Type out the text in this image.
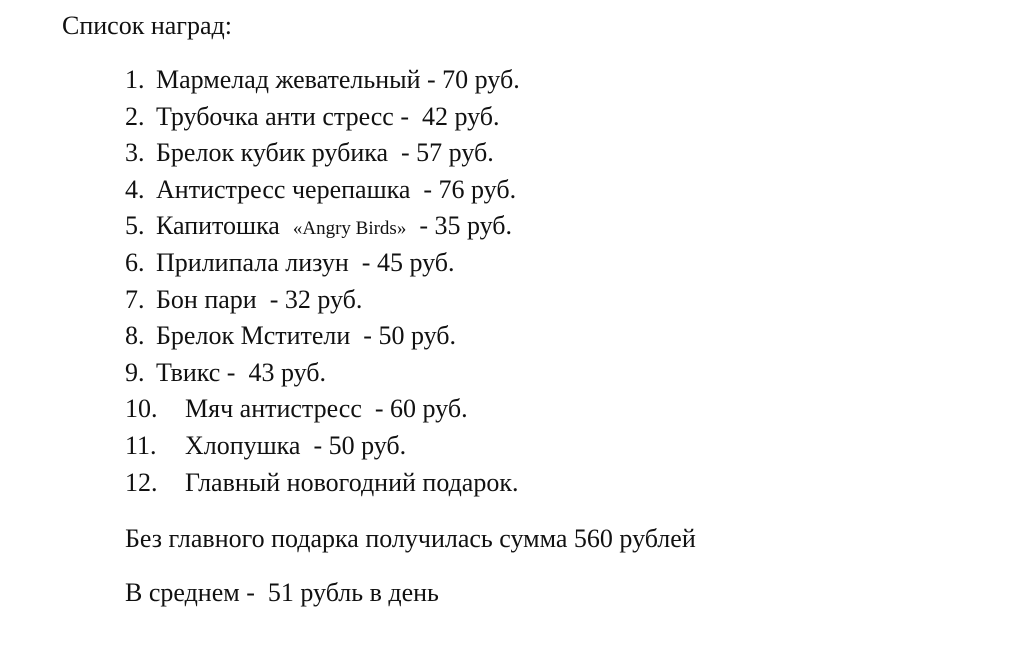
Список наград:
1. Мармелад жевательный - 70 руб.
2. Трубочка анти стресс -  42 руб.
3. Брелок кубик рубика  - 57 руб.
4. Антистресс черепашка  - 76 руб.
5. Капитошка  «Angry Birds»  - 35 руб.
6. Прилипала лизун  - 45 руб.
7. Бон пари  - 32 руб.
8. Брелок Мстители  - 50 руб.
9. Твикс -  43 руб.
10. Мяч антистресс  - 60 руб.
11. Хлопушка  - 50 руб.
12. Главный новогодний подарок.
Без главного подарка получилась сумма 560 рублей
В среднем -  51 рубль в день
